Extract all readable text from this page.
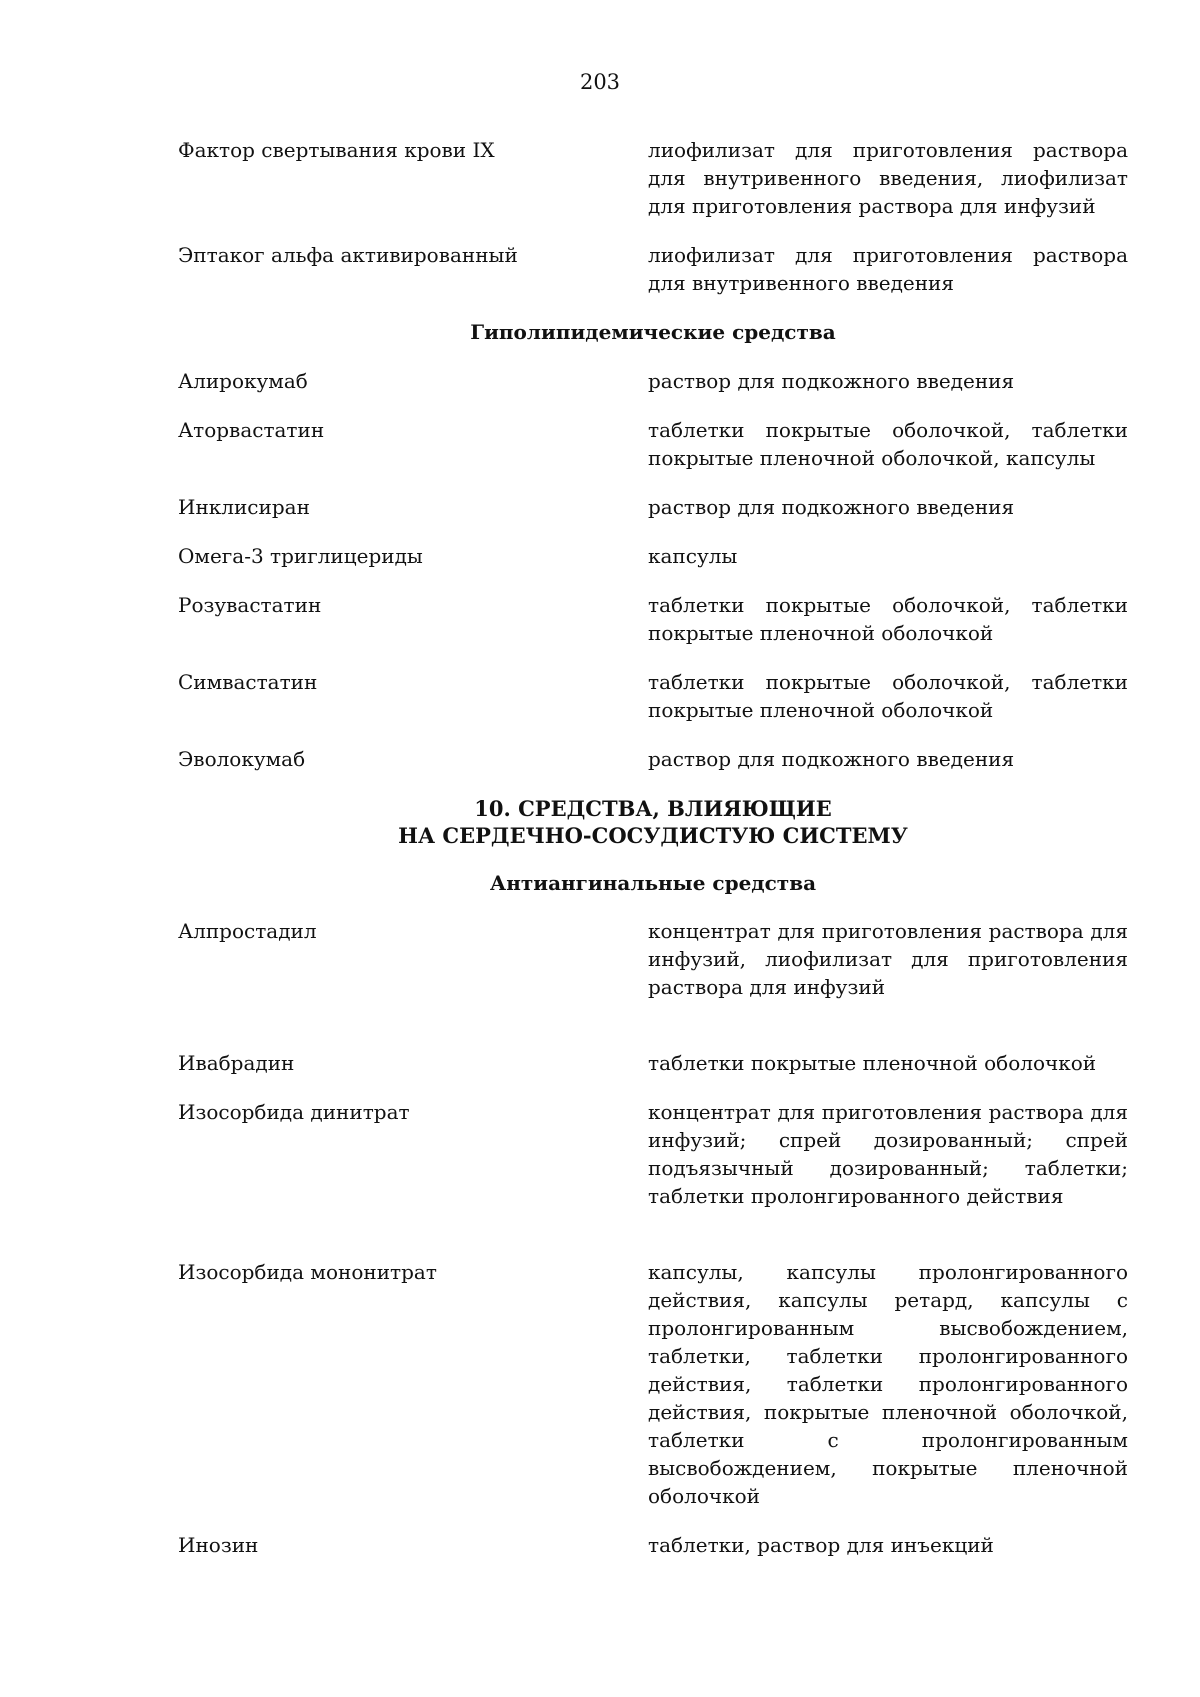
203
Фактор свертывания крови IX	лиофилизат для приготовления раствора для внутривенного введения, лиофилизат для приготовления раствора для инфузий
Эптаког альфа активированный	лиофилизат для приготовления раствора для внутривенного введения
Гиполипидемические средства
Алирокумаб	раствор для подкожного введения
Аторвастатин	таблетки покрытые оболочкой, таблетки покрытые пленочной оболочкой, капсулы
Инклисиран	раствор для подкожного введения
Омега-3 триглицериды	капсулы
Розувастатин	таблетки покрытые оболочкой, таблетки покрытые пленочной оболочкой
Симвастатин	таблетки покрытые оболочкой, таблетки покрытые пленочной оболочкой
Эволокумаб	раствор для подкожного введения
10. СРЕДСТВА, ВЛИЯЮЩИЕ
НА СЕРДЕЧНО-СОСУДИСТУЮ СИСТЕМУ
Антиангинальные средства
Алпростадил	концентрат для приготовления раствора для инфузий, лиофилизат для приготовления раствора для инфузий
Ивабрадин	таблетки покрытые пленочной оболочкой
Изосорбида динитрат	концентрат для приготовления раствора для инфузий; спрей дозированный; спрей подъязычный дозированный; таблетки; таблетки пролонгированного действия
Изосорбида мононитрат	капсулы, капсулы пролонгированного действия, капсулы ретард, капсулы с пролонгированным высвобождением, таблетки, таблетки пролонгированного действия, таблетки пролонгированного действия, покрытые пленочной оболочкой, таблетки с пролонгированным высвобождением, покрытые пленочной оболочкой
Инозин	таблетки, раствор для инъекций
